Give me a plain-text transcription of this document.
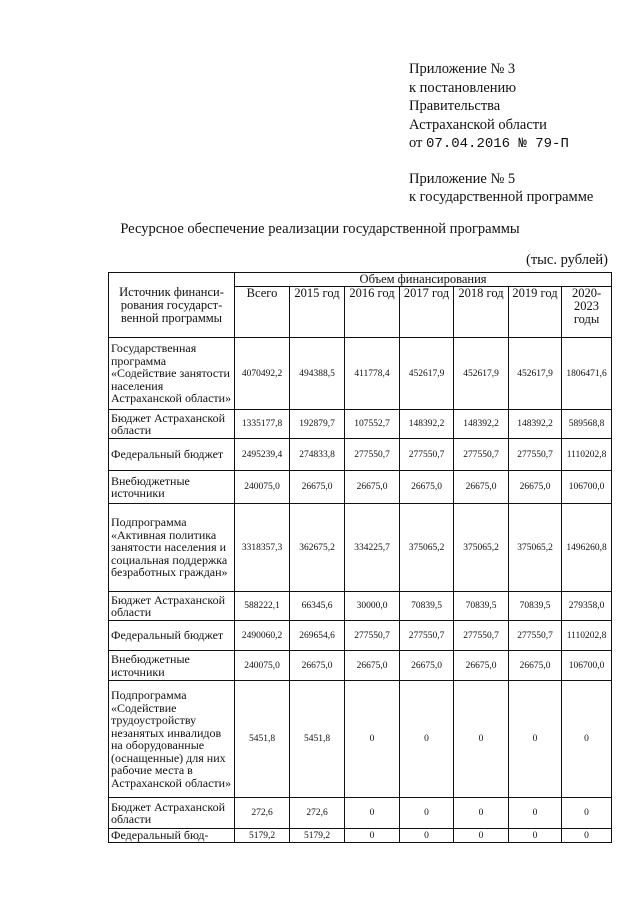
Приложение № 3
к постановлению
Правительства
Астраханской области
от 07.04.2016 № 79-П
Приложение № 5
к государственной программе
Ресурсное обеспечение реализации государственной программы
(тыс. рублей)
Источник финанси-рования государст-венной программы	Объем финансирования						
	Всего	2015 год	2016 год	2017 год	2018 год	2019 год	2020-2023 годы
Государственная программа «Содействие занятости населения Астраханской области»	4070492,2	494388,5	411778,4	452617,9	452617,9	452617,9	1806471,6
Бюджет Астраханской области	1335177,8	192879,7	107552,7	148392,2	148392,2	148392,2	589568,8
Федеральный бюджет	2495239,4	274833,8	277550,7	277550,7	277550,7	277550,7	1110202,8
Внебюджетные источники	240075,0	26675,0	26675,0	26675,0	26675,0	26675,0	106700,0
Подпрограмма «Активная политика занятости населения и социальная поддержка безработных граждан»	3318357,3	362675,2	334225,7	375065,2	375065,2	375065,2	1496260,8
Бюджет Астраханской области	588222,1	66345,6	30000,0	70839,5	70839,5	70839,5	279358,0
Федеральный бюджет	2490060,2	269654,6	277550,7	277550,7	277550,7	277550,7	1110202,8
Внебюджетные источники	240075,0	26675,0	26675,0	26675,0	26675,0	26675,0	106700,0
Подпрограмма «Содействие трудоустройству незанятых инвалидов на оборудованные (оснащенные) для них рабочие места в Астраханской области»	5451,8	5451,8	0	0	0	0	0
Бюджет Астраханской области	272,6	272,6	0	0	0	0	0
Федеральный бюд-	5179,2	5179,2	0	0	0	0	0
